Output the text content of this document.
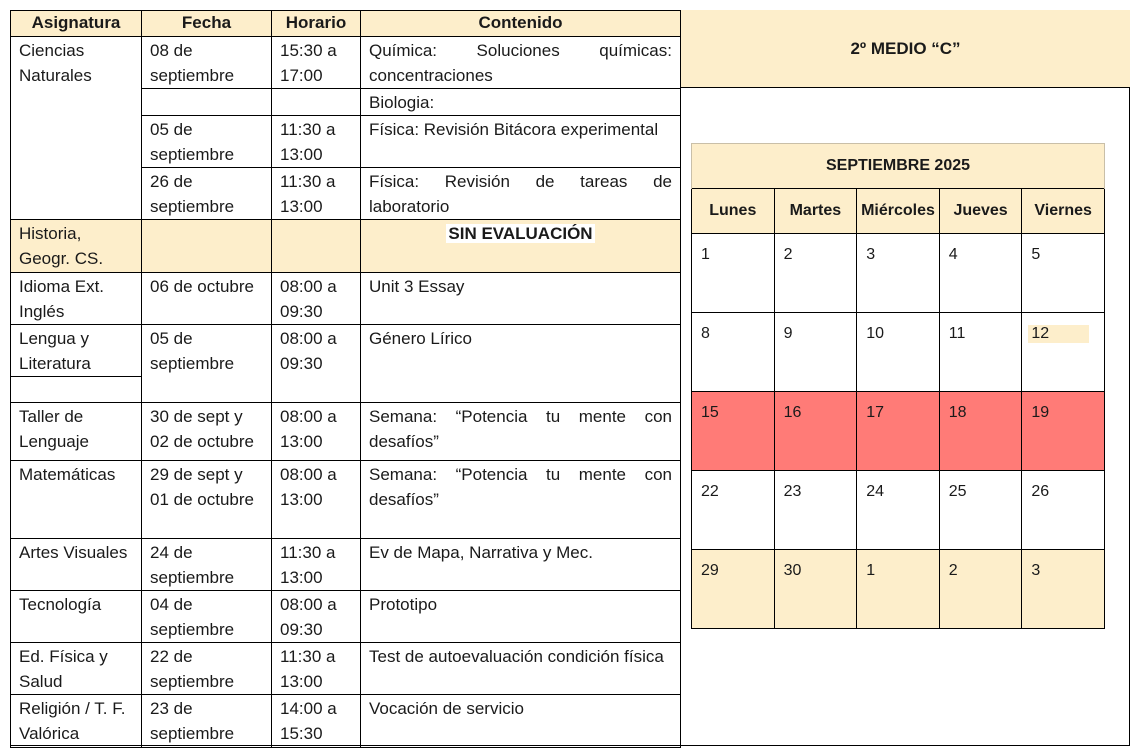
Asignatura	Fecha	Horario	Contenido
Ciencias Naturales	08 de septiembre	15:30 a 17:00	Química: Soluciones químicas: concentraciones
			Biologia:
	05 de septiembre	11:30 a 13:00	Física: Revisión Bitácora experimental
	26 de septiembre	11:30 a 13:00	Física: Revisión de tareas de laboratorio
Historia, Geogr. CS.			SIN EVALUACIÓN

Idioma Ext. Inglés	06 de octubre	08:00 a 09:30	Unit 3 Essay

Lengua y Literatura	05 de septiembre	08:00 a 09:30	Género Lírico
Taller de Lenguaje	30 de sept y 02 de octubre	08:00 a 13:00	Semana: “Potencia tu mente con desafíos”
Matemáticas	29 de sept y 01 de octubre	08:00 a 13:00	Semana: “Potencia tu mente con desafíos”
Artes Visuales	24 de septiembre	11:30 a 13:00	Ev de Mapa, Narrativa y Mec.
Tecnología	04 de septiembre	08:00 a 09:30	Prototipo
Ed. Física y Salud	22 de septiembre	11:30 a 13:00	Test de autoevaluación condición física
Religión / T. F. Valórica	23 de septiembre	14:00 a 15:30	Vocación de servicio
2º MEDIO “C”
SEPTIEMBRE 2025				
Lunes	Martes	Miércoles	Jueves	Viernes
1	2	3	4	5
8	9	10	11	12
15	16	17	18	19
22	23	24	25	26
29	30	1	2	3
